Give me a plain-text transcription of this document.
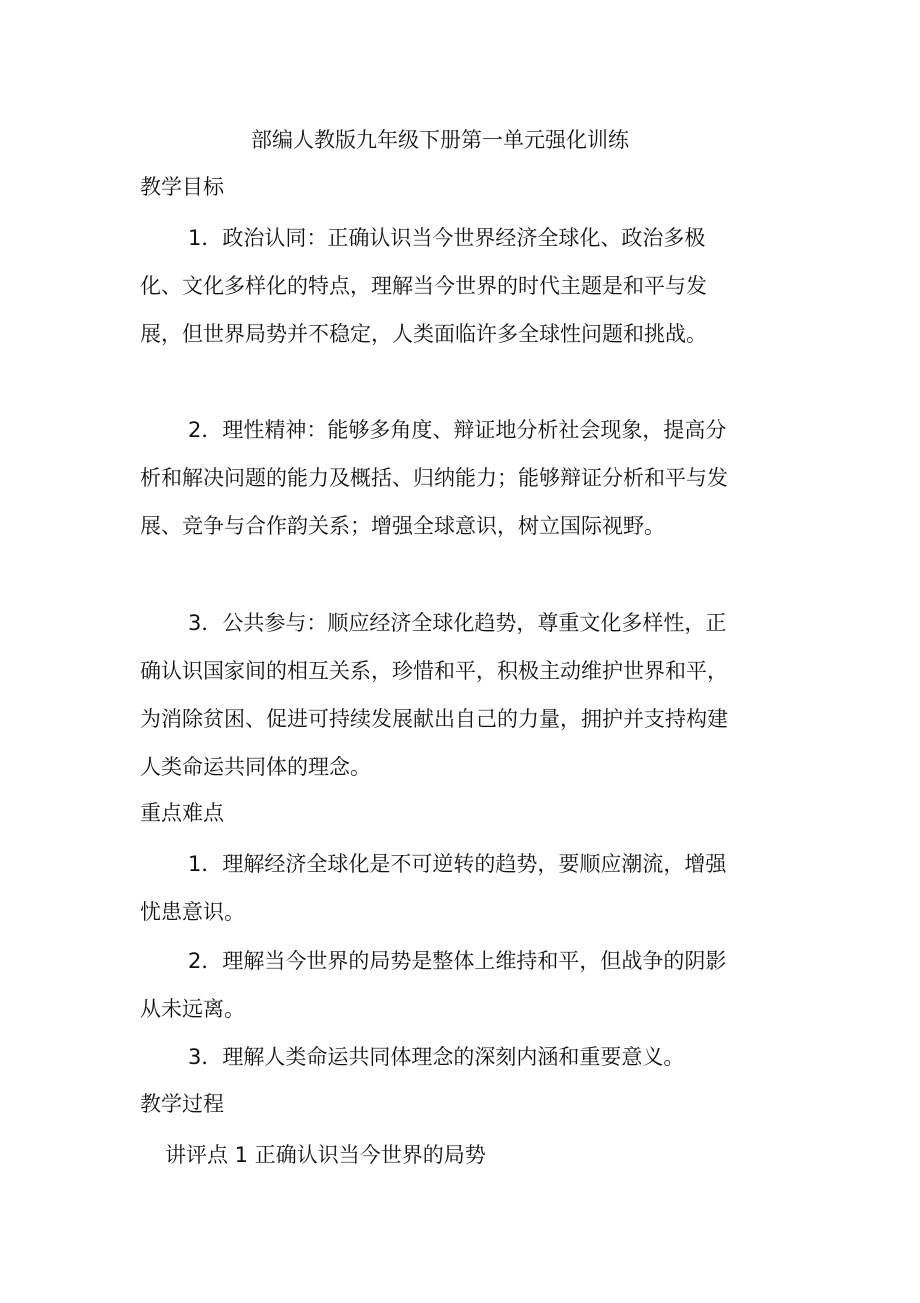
部编人教版九年级下册第一单元强化训练
教学目标

1．政治认同：正确认识当今世界经济全球化、政治多极化、文化多样化的特点，理解当今世界的时代主题是和平与发展，但世界局势并不稳定，人类面临许多全球性问题和挑战。

2．理性精神：能够多角度、辩证地分析社会现象，提高分析和解决问题的能力及概括、归纳能力；能够辩证分析和平与发展、竞争与合作韵关系；增强全球意识，树立国际视野。

3．公共参与：顺应经济全球化趋势，尊重文化多样性，正确认识国家间的相互关系，珍惜和平，积极主动维护世界和平，为消除贫困、促进可持续发展献出自己的力量，拥护并支持构建人类命运共同体的理念。

重点难点

1．理解经济全球化是不可逆转的趋势，要顺应潮流，增强忧患意识。

2．理解当今世界的局势是整体上维持和平，但战争的阴影从未远离。

3．理解人类命运共同体理念的深刻内涵和重要意义。

教学过程
讲评点 1 正确认识当今世界的局势
